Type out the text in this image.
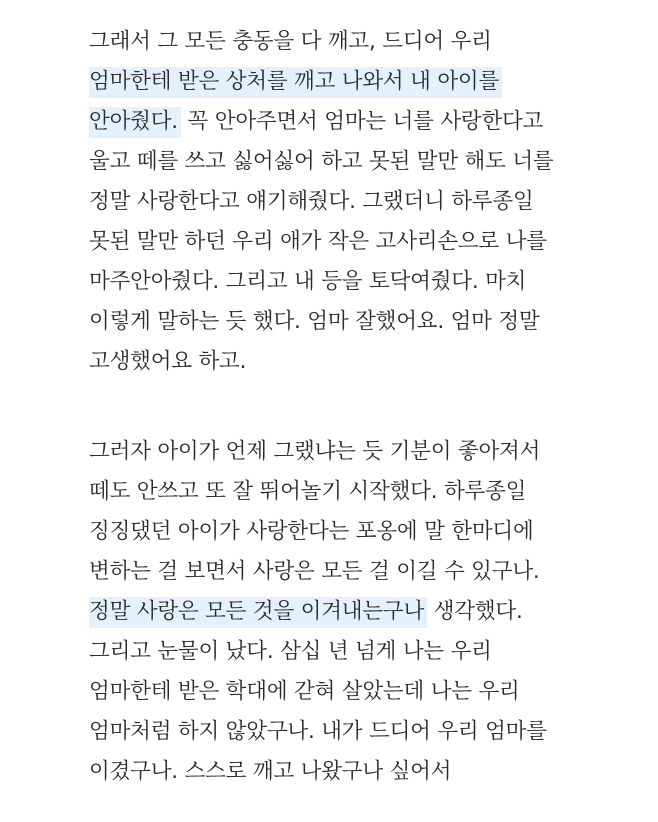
그래서 그 모든 충동을 다 깨고, 드디어 우리
엄마한테 받은 상처를 깨고 나와서 내 아이를
안아줬다. 꼭 안아주면서 엄마는 너를 사랑한다고
울고 떼를 쓰고 싫어싫어 하고 못된 말만 해도 너를
정말 사랑한다고 얘기해줬다. 그랬더니 하루종일
못된 말만 하던 우리 애가 작은 고사리손으로 나를
마주안아줬다. 그리고 내 등을 토닥여줬다. 마치
이렇게 말하는 듯 했다. 엄마 잘했어요. 엄마 정말
고생했어요 하고.
그러자 아이가 언제 그랬냐는 듯 기분이 좋아져서
떼도 안쓰고 또 잘 뛰어놀기 시작했다. 하루종일
징징댔던 아이가 사랑한다는 포옹에 말 한마디에
변하는 걸 보면서 사랑은 모든 걸 이길 수 있구나.
정말 사랑은 모든 것을 이겨내는구나 생각했다.
그리고 눈물이 났다. 삼십 년 넘게 나는 우리
엄마한테 받은 학대에 갇혀 살았는데 나는 우리
엄마처럼 하지 않았구나. 내가 드디어 우리 엄마를
이겼구나. 스스로 깨고 나왔구나 싶어서
